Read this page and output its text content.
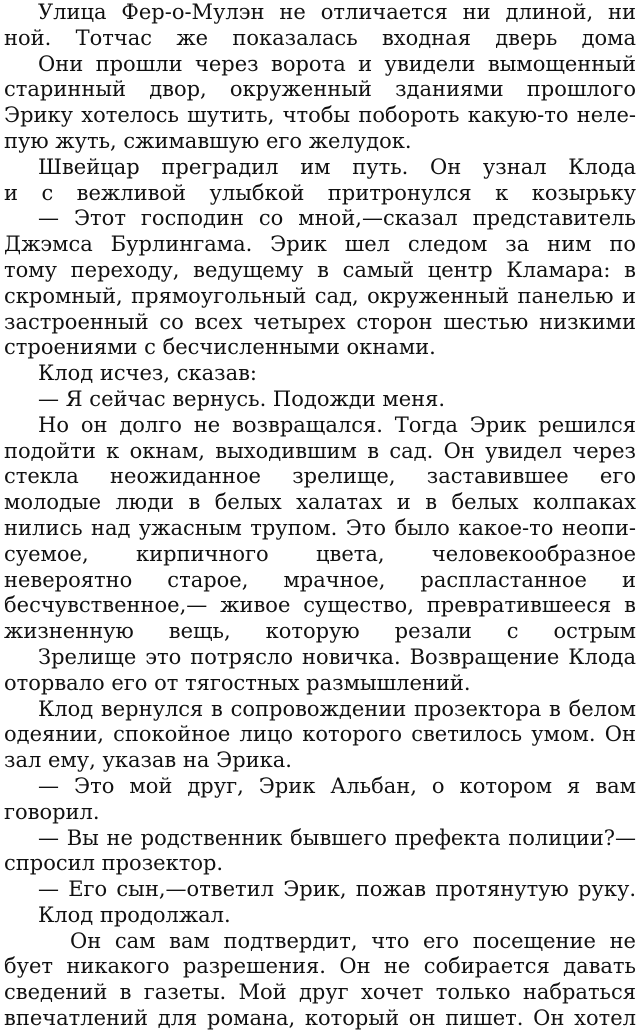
Улица Фер-о-Мулэн не отличается ни длиной, ни
ной. Тотчас же показалась входная дверь дома
Они прошли через ворота и увидели вымощенный
старинный двор, окруженный зданиями прошлого
Эрику хотелось шутить, чтобы побороть какую-то неле-
пую жуть, сжимавшую его желудок.
Швейцар преградил им путь. Он узнал Клода
и с вежливой улыбкой притронулся к козырьку
— Этот господин со мной,—сказал представитель
Джэмса Бурлингама. Эрик шел следом за ним по
тому переходу, ведущему в самый центр Кламара: в
скромный, прямоугольный сад, окруженный панелью и
застроенный со всех четырех сторон шестью низкими
строениями с бесчисленными окнами.
Клод исчез, сказав:
— Я сейчас вернусь. Подожди меня.
Но он долго не возвращался. Тогда Эрик решился
подойти к окнам, выходившим в сад. Он увидел через
стекла неожиданное зрелище, заставившее его
молодые люди в белых халатах и в белых колпаках
нились над ужасным трупом. Это было какое-то неопи-
суемое, кирпичного цвета, человекообразное
невероятно старое, мрачное, распластанное и
бесчувственное,— живое существо, превратившееся в
жизненную вещь, которую резали с острым
Зрелище это потрясло новичка. Возвращение Клода
оторвало его от тягостных размышлений.
Клод вернулся в сопровождении прозектора в белом
одеянии, спокойное лицо которого светилось умом. Он
зал ему, указав на Эрика.
— Это мой друг, Эрик Альбан, о котором я вам
говорил.
— Вы не родственник бывшего префекта полиции?—
спросил прозектор.
— Его сын,—ответил Эрик, пожав протянутую руку.
Клод продолжал.
Он сам вам подтвердит, что его посещение не
бует никакого разрешения. Он не собирается давать
сведений в газеты. Мой друг хочет только набраться
впечатлений для романа, который он пишет. Он хотел
